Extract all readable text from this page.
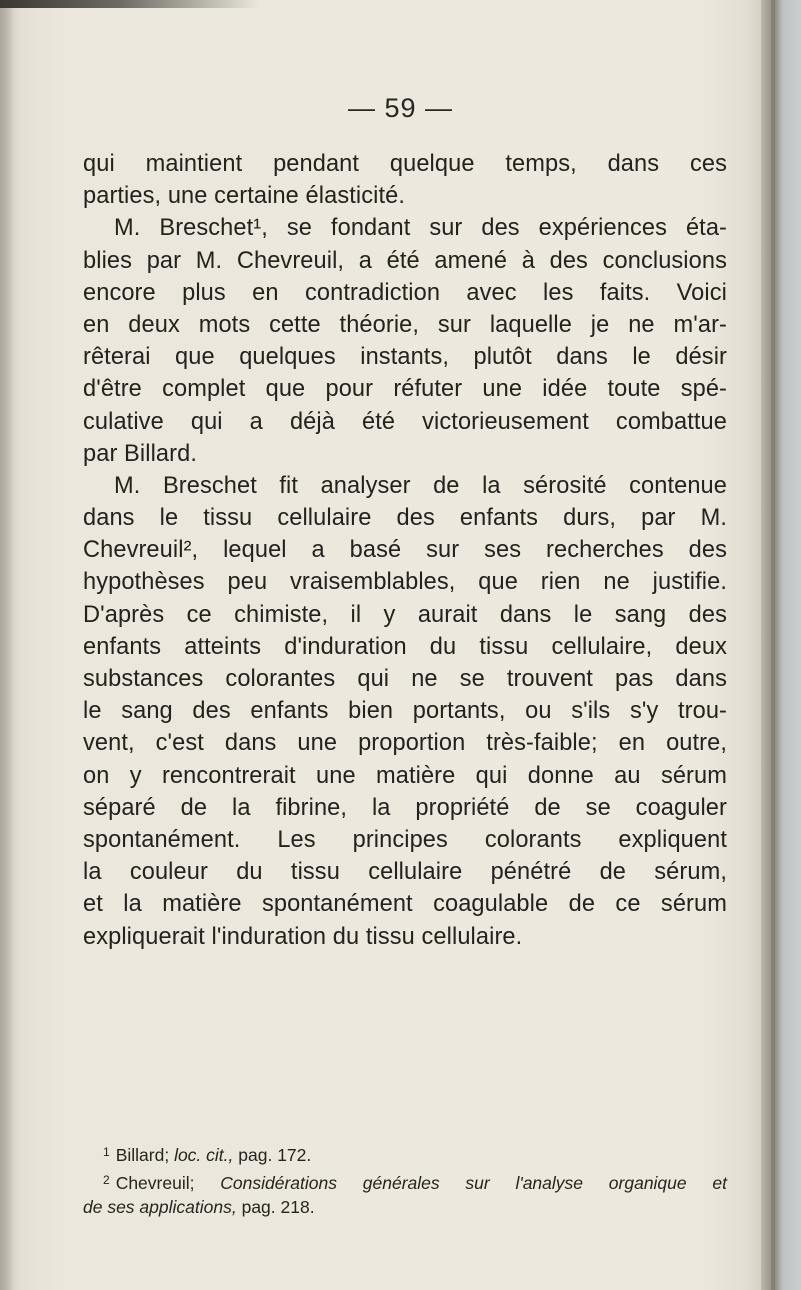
— 59 —
qui maintient pendant quelque temps, dans ces
parties, une certaine élasticité.
M. Breschet¹, se fondant sur des expériences éta-
blies par M. Chevreuil, a été amené à des conclusions
encore plus en contradiction avec les faits. Voici
en deux mots cette théorie, sur laquelle je ne m'ar-
rêterai que quelques instants, plutôt dans le désir
d'être complet que pour réfuter une idée toute spé-
culative qui a déjà été victorieusement combattue
par Billard.
M. Breschet fit analyser de la sérosité contenue
dans le tissu cellulaire des enfants durs, par M.
Chevreuil², lequel a basé sur ses recherches des
hypothèses peu vraisemblables, que rien ne justifie.
D'après ce chimiste, il y aurait dans le sang des
enfants atteints d'induration du tissu cellulaire, deux
substances colorantes qui ne se trouvent pas dans
le sang des enfants bien portants, ou s'ils s'y trou-
vent, c'est dans une proportion très-faible; en outre,
on y rencontrerait une matière qui donne au sérum
séparé de la fibrine, la propriété de se coaguler
spontanément. Les principes colorants expliquent
la couleur du tissu cellulaire pénétré de sérum,
et la matière spontanément coagulable de ce sérum
expliquerait l'induration du tissu cellulaire.
$^1$ Billard; loc. cit., pag. 172.
$^2$ Chevreuil; Considérations générales sur l'analyse organique et
de ses applications, pag. 218.
